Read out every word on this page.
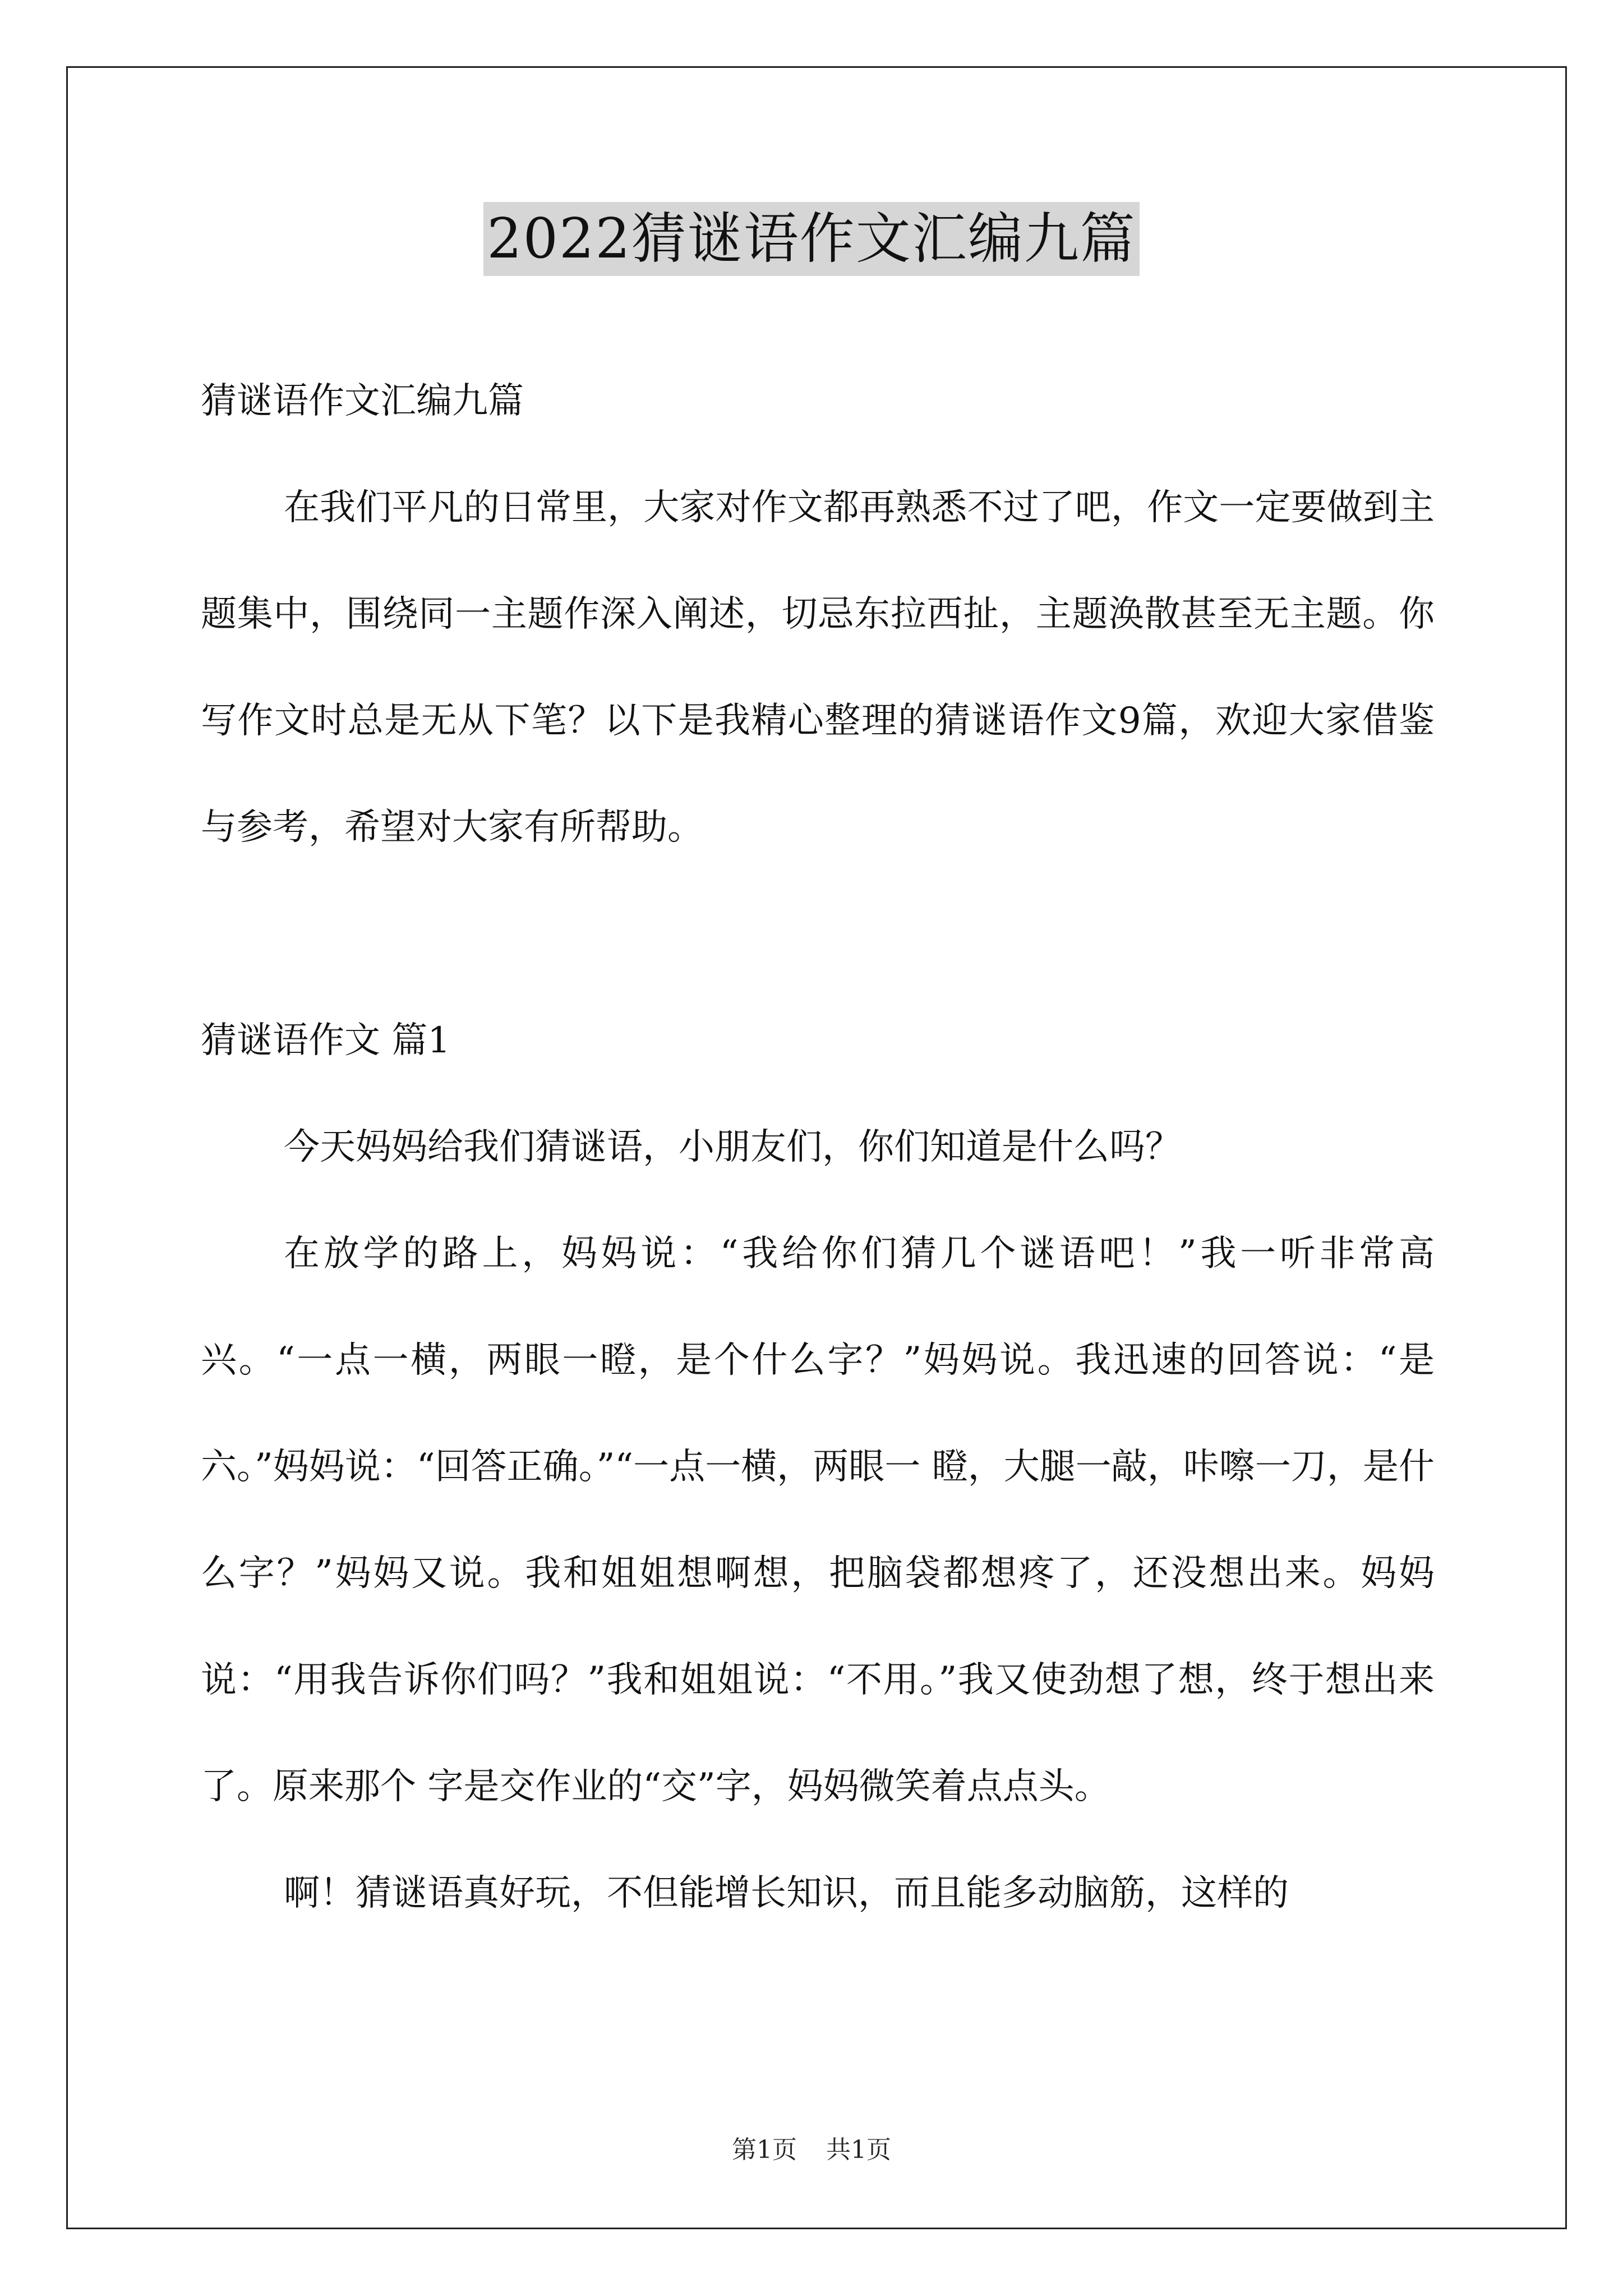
2022猜谜语作文汇编九篇

猜谜语作文汇编九篇

在我们平凡的日常里，大家对作文都再熟悉不过了吧，作文一定要做到主题集中，围绕同一主题作深入阐述，切忌东拉西扯，主题涣散甚至无主题。你写作文时总是无从下笔？以下是我精心整理的猜谜语作文9篇，欢迎大家借鉴与参考，希望对大家有所帮助。

猜谜语作文 篇1

今天妈妈给我们猜谜语，小朋友们，你们知道是什么吗？

在放学的路上，妈妈说：“我给你们猜几个谜语吧！”我一听非常高兴。“一点一横，两眼一瞪，是个什么字？”妈妈说。我迅速的回答说：“是六。”妈妈说：“回答正确。”“一点一横，两眼一 瞪，大腿一敲，咔嚓一刀，是什么字？”妈妈又说。我和姐姐想啊想，把脑袋都想疼了，还没想出来。妈妈说：“用我告诉你们吗？”我和姐姐说：“不用。”我又使劲想了想，终于想出来了。原来那个 字是交作业的“交”字，妈妈微笑着点点头。

啊！猜谜语真好玩，不但能增长知识，而且能多动脑筋，这样的

第1页 共1页
